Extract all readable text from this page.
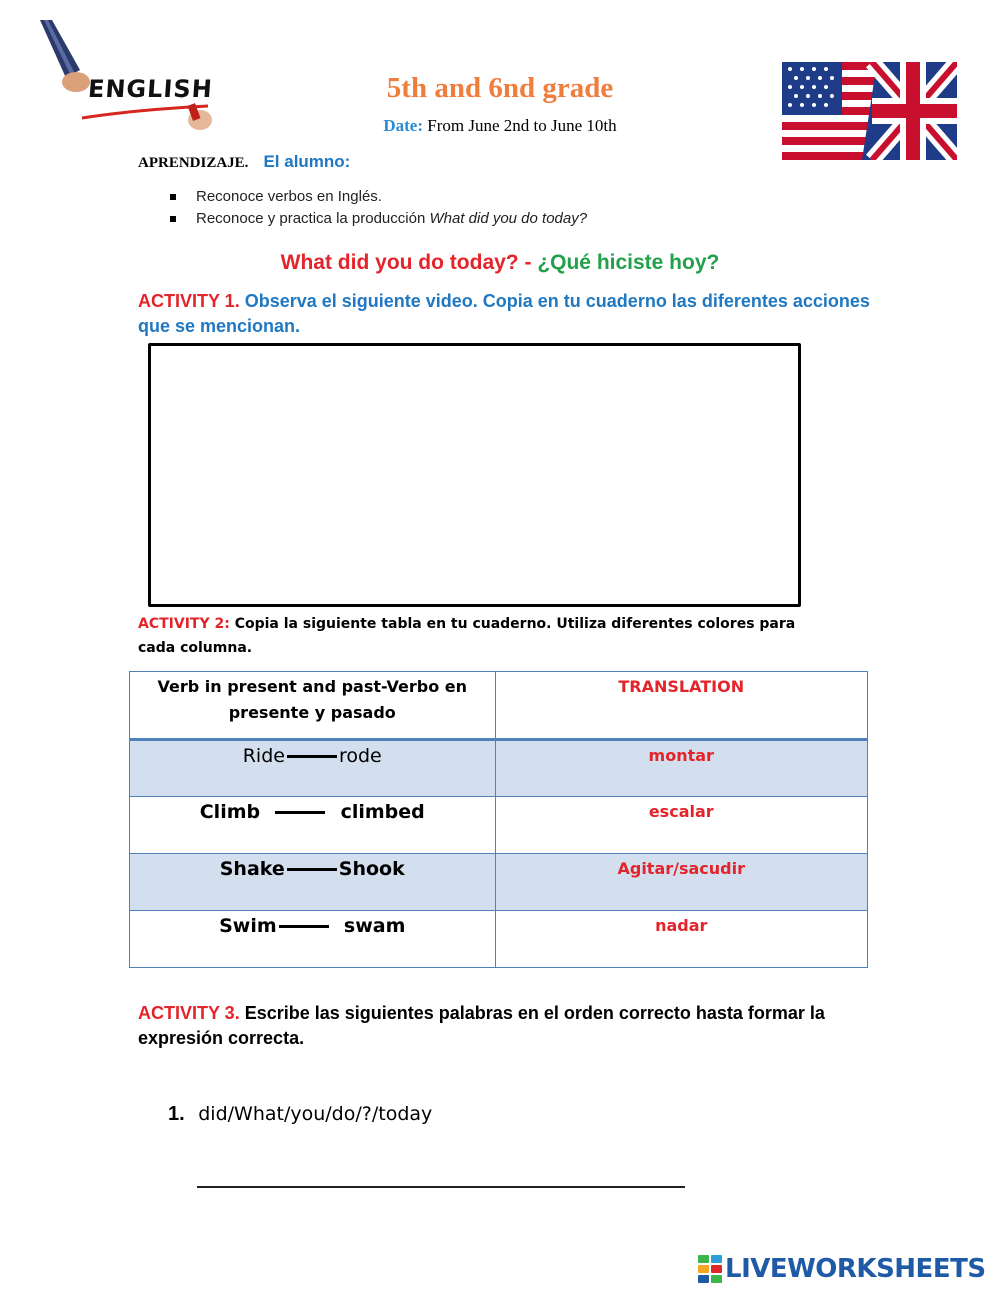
ENGLISH	5th and 6nd grade
Date: From June 2nd to June 10th
APRENDIZAJE. El alumno:
Reconoce verbos en Inglés.
Reconoce y practica la producción What did you do today?
What did you do today? - ¿Qué hiciste hoy?
ACTIVITY 1. Observa el siguiente video. Copia en tu cuaderno las diferentes acciones que se mencionan.
ACTIVITY 2: Copia la siguiente tabla en tu cuaderno. Utiliza diferentes colores para cada columna.
Verb in present and past-Verbo en presente y pasado	TRANSLATION
Ride rode	montar
Climb climbed	escalar
Shake Shook	Agitar/sacudir
Swim swam	nadar
ACTIVITY 3. Escribe las siguientes palabras en el orden correcto hasta formar la expresión correcta.
1. did/What/you/do/?/today
LIVEWORKSHEETS
